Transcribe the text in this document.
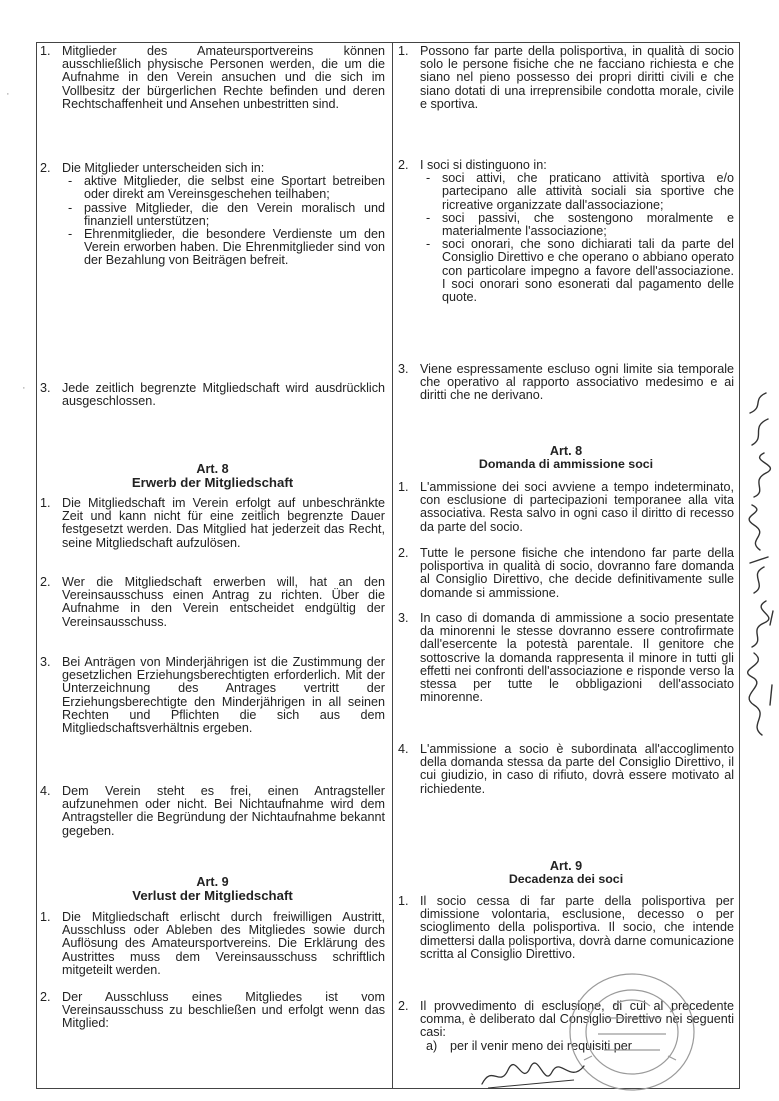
·
·
1. Mitglieder des Amateursportvereins können ausschließlich physische Personen werden, die um die Aufnahme in den Verein ansuchen und die sich im Vollbesitz der bürgerlichen Rechte befinden und deren Rechtschaffenheit und Ansehen unbestritten sind.
2. Die Mitglieder unterscheiden sich in:
- aktive Mitglieder, die selbst eine Sportart betreiben oder direkt am Vereinsgeschehen teilhaben;
- passive Mitglieder, die den Verein moralisch und finanziell unterstützen;
- Ehrenmitglieder, die besondere Verdienste um den Verein erworben haben. Die Ehrenmitglieder sind von der Bezahlung von Beiträgen befreit.
3. Jede zeitlich begrenzte Mitgliedschaft wird ausdrücklich ausgeschlossen.
Art. 8
Erwerb der Mitgliedschaft
1. Die Mitgliedschaft im Verein erfolgt auf unbeschränkte Zeit und kann nicht für eine zeitlich begrenzte Dauer festgesetzt werden. Das Mitglied hat jederzeit das Recht, seine Mitgliedschaft aufzulösen.
2. Wer die Mitgliedschaft erwerben will, hat an den Vereinsausschuss einen Antrag zu richten. Über die Aufnahme in den Verein entscheidet endgültig der Vereinsausschuss.
3. Bei Anträgen von Minderjährigen ist die Zustimmung der gesetzlichen Erziehungsberechtigten erforderlich. Mit der Unterzeichnung des Antrages vertritt der Erziehungsberechtigte den Minderjährigen in all seinen Rechten und Pflichten die sich aus dem Mitgliedschaftsverhältnis ergeben.
4. Dem Verein steht es frei, einen Antragsteller aufzunehmen oder nicht. Bei Nichtaufnahme wird dem Antragsteller die Begründung der Nichtaufnahme bekannt gegeben.
Art. 9
Verlust der Mitgliedschaft
1. Die Mitgliedschaft erlischt durch freiwilligen Austritt, Ausschluss oder Ableben des Mitgliedes sowie durch Auflösung des Amateursportvereins. Die Erklärung des Austrittes muss dem Vereinsausschuss schriftlich mitgeteilt werden.
2. Der Ausschluss eines Mitgliedes ist vom Vereinsausschuss zu beschließen und erfolgt wenn das Mitglied:
1. Possono far parte della polisportiva, in qualità di socio solo le persone fisiche che ne facciano richiesta e che siano nel pieno possesso dei propri diritti civili e che siano dotati di una irreprensibile condotta morale, civile e sportiva.
2. I soci si distinguono in:
- soci attivi, che praticano attività sportiva e/o partecipano alle attività sociali sia sportive che ricreative organizzate dall'associazione;
- soci passivi, che sostengono moralmente e materialmente l'associazione;
- soci onorari, che sono dichiarati tali da parte del Consiglio Direttivo e che operano o abbiano operato con particolare impegno a favore dell'associazione. I soci onorari sono esonerati dal pagamento delle quote.
3. Viene espressamente escluso ogni limite sia temporale che operativo al rapporto associativo medesimo e ai diritti che ne derivano.
Art. 8
Domanda di ammissione soci
1. L'ammissione dei soci avviene a tempo indeterminato, con esclusione di partecipazioni temporanee alla vita associativa. Resta salvo in ogni caso il diritto di recesso da parte del socio.
2. Tutte le persone fisiche che intendono far parte della polisportiva in qualità di socio, dovranno fare domanda al Consiglio Direttivo, che decide definitivamente sulle domande si ammissione.
3. In caso di domanda di ammissione a socio presentate da minorenni le stesse dovranno essere controfirmate dall'esercente la potestà parentale. Il genitore che sottoscrive la domanda rappresenta il minore in tutti gli effetti nei confronti dell'associazione e risponde verso la stessa per tutte le obbligazioni dell'associato minorenne.
4. L'ammissione a socio è subordinata all'accoglimento della domanda stessa da parte del Consiglio Direttivo, il cui giudizio, in caso di rifiuto, dovrà essere motivato al richiedente.
Art. 9
Decadenza dei soci
1. Il socio cessa di far parte della polisportiva per dimissione volontaria, esclusione, decesso o per scioglimento della polisportiva. Il socio, che intende dimettersi dalla polisportiva, dovrà darne comunicazione scritta al Consiglio Direttivo.
2. Il provvedimento di esclusione, di cui al precedente comma, è deliberato dal Consiglio Direttivo nei seguenti casi:
a)	per il venir meno dei requisiti per
